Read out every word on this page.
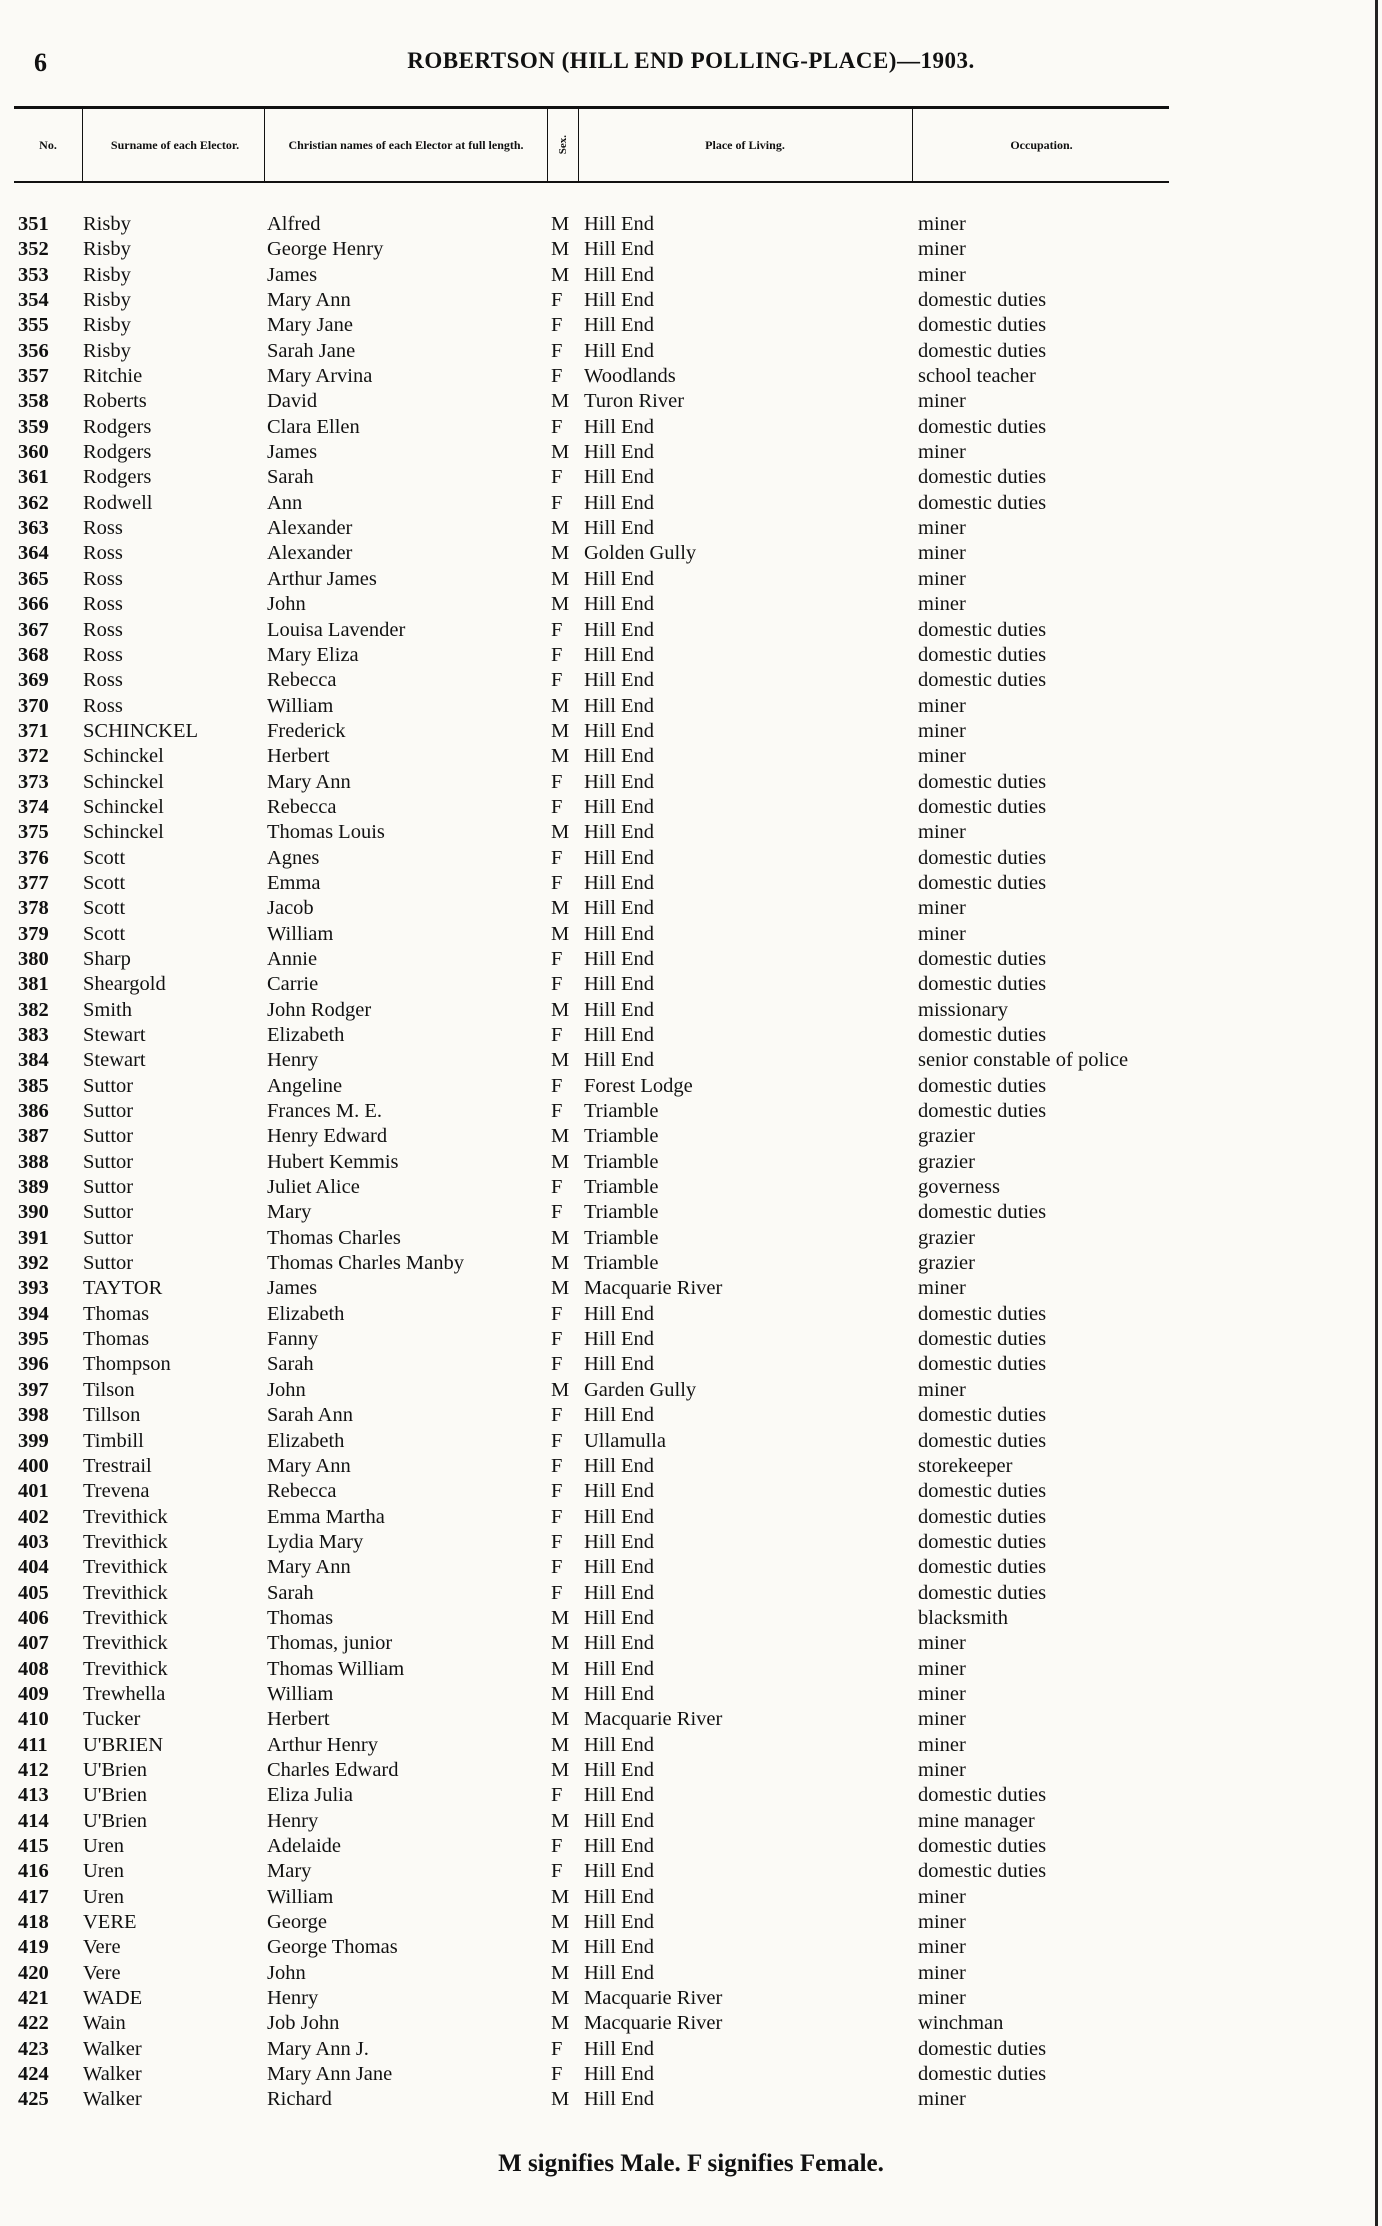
6	ROBERTSON (HILL END POLLING-PLACE)—1903.
No.	Surname of each Elector.	Christian names of each Elector at full length.	Sex.	Place of Living.	Occupation.
351	Risby	Alfred	M Hill End	miner
352	Risby	George Henry	M Hill End	miner
353	Risby	James	M Hill End	miner
354	Risby	Mary Ann	F Hill End	domestic duties
355	Risby	Mary Jane	F Hill End	domestic duties
356	Risby	Sarah Jane	F Hill End	domestic duties
357	Ritchie	Mary Arvina	F Woodlands	school teacher
358	Roberts	David	M Turon River	miner
359	Rodgers	Clara Ellen	F Hill End	domestic duties
360	Rodgers	James	M Hill End	miner
361	Rodgers	Sarah	F Hill End	domestic duties
362	Rodwell	Ann	F Hill End	domestic duties
363	Ross	Alexander	M Hill End	miner
364	Ross	Alexander	M Golden Gully	miner
365	Ross	Arthur James	M Hill End	miner
366	Ross	John	M Hill End	miner
367	Ross	Louisa Lavender	F Hill End	domestic duties
368	Ross	Mary Eliza	F Hill End	domestic duties
369	Ross	Rebecca	F Hill End	domestic duties
370	Ross	William	M Hill End	miner
371	SCHINCKEL	Frederick	M Hill End	miner
372	Schinckel	Herbert	M Hill End	miner
373	Schinckel	Mary Ann	F Hill End	domestic duties
374	Schinckel	Rebecca	F Hill End	domestic duties
375	Schinckel	Thomas Louis	M Hill End	miner
376	Scott	Agnes	F Hill End	domestic duties
377	Scott	Emma	F Hill End	domestic duties
378	Scott	Jacob	M Hill End	miner
379	Scott	William	M Hill End	miner
380	Sharp	Annie	F Hill End	domestic duties
381	Sheargold	Carrie	F Hill End	domestic duties
382	Smith	John Rodger	M Hill End	missionary
383	Stewart	Elizabeth	F Hill End	domestic duties
384	Stewart	Henry	M Hill End	senior constable of police
385	Suttor	Angeline	F Forest Lodge	domestic duties
386	Suttor	Frances M. E.	F Triamble	domestic duties
387	Suttor	Henry Edward	M Triamble	grazier
388	Suttor	Hubert Kemmis	M Triamble	grazier
389	Suttor	Juliet Alice	F Triamble	governess
390	Suttor	Mary	F Triamble	domestic duties
391	Suttor	Thomas Charles	M Triamble	grazier
392	Suttor	Thomas Charles Manby	M Triamble	grazier
393	TAYTOR	James	M Macquarie River	miner
394	Thomas	Elizabeth	F Hill End	domestic duties
395	Thomas	Fanny	F Hill End	domestic duties
396	Thompson	Sarah	F Hill End	domestic duties
397	Tilson	John	M Garden Gully	miner
398	Tillson	Sarah Ann	F Hill End	domestic duties
399	Timbill	Elizabeth	F Ullamulla	domestic duties
400	Trestrail	Mary Ann	F Hill End	storekeeper
401	Trevena	Rebecca	F Hill End	domestic duties
402	Trevithick	Emma Martha	F Hill End	domestic duties
403	Trevithick	Lydia Mary	F Hill End	domestic duties
404	Trevithick	Mary Ann	F Hill End	domestic duties
405	Trevithick	Sarah	F Hill End	domestic duties
406	Trevithick	Thomas	M Hill End	blacksmith
407	Trevithick	Thomas, junior	M Hill End	miner
408	Trevithick	Thomas William	M Hill End	miner
409	Trewhella	William	M Hill End	miner
410	Tucker	Herbert	M Macquarie River	miner
411	U'BRIEN	Arthur Henry	M Hill End	miner
412	U'Brien	Charles Edward	M Hill End	miner
413	U'Brien	Eliza Julia	F Hill End	domestic duties
414	U'Brien	Henry	M Hill End	mine manager
415	Uren	Adelaide	F Hill End	domestic duties
416	Uren	Mary	F Hill End	domestic duties
417	Uren	William	M Hill End	miner
418	VERE	George	M Hill End	miner
419	Vere	George Thomas	M Hill End	miner
420	Vere	John	M Hill End	miner
421	WADE	Henry	M Macquarie River	miner
422	Wain	Job John	M Macquarie River	winchman
423	Walker	Mary Ann J.	F Hill End	domestic duties
424	Walker	Mary Ann Jane	F Hill End	domestic duties
425	Walker	Richard	M Hill End	miner
M signifies Male. F signifies Female.
